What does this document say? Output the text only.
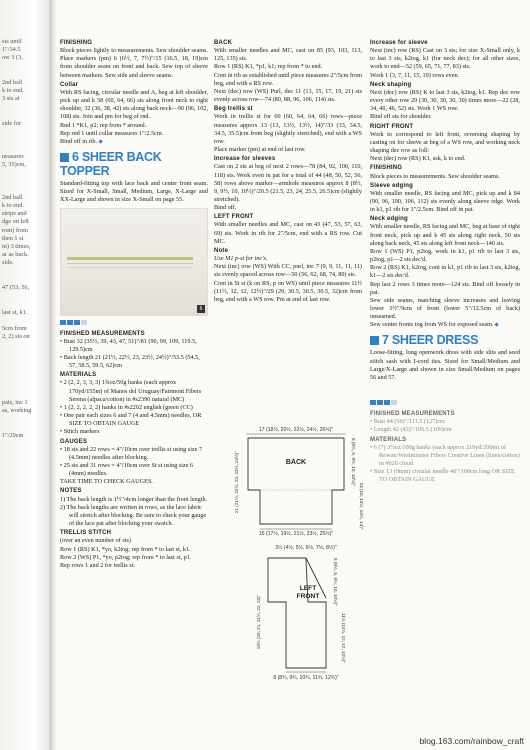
sts until
1"/34.5
ow 3 (3,
2nd ball
k to end.
3 sts at
side for
neasures
5, 35)cm,
2nd ball
k to end.
stripe and
dge on left
ront) from
then 1 st
in) 3 times,
ar as back.
side.
47 (53, 56,
last st, k1.
5cm from
2, 2) sts on
pats, inc 1
as, working
1"/29cm
FINISHING
Block pieces lightly to measurements. Sew shoulder seams. Place markers (pm) 6 (6½, 7, 7½)"/15 (16.5, 18, 19)cm from shoulder seam on front and back. Sew top of sleeve between markers. Sew side and sleeve seams.
Collar
With RS facing, circular needle and A, beg at left shoulder, pick up and k 58 (60, 64, 66) sts along front neck to right shoulder, 32 (36, 38, 42) sts along back neck—90 (96, 102, 108) sts. Join and pm for beg of rnd.
Rnd 1 *K1, p2; rep from * around.
Rep rnd 1 until collar measures 1"/2.5cm.
Bind off in rib.
6 SHEER BACK TOPPER
Standard-fitting top with lace back and center front seam. Sized for X-Small, Small, Medium, Large, X-Large and XX-Large and shown in size X-Small on page 55.
6
FINISHED MEASUREMENTS
• Bust 32 (35½, 39, 43, 47, 51)"/81 (90, 99, 109, 119.5, 129.5)cm
• Back length 21 (21½, 22½, 23, 23½, 24½)"/53.5 (54.5, 57, 58.5, 59.5, 62)cm
MATERIALS
• 2 (2, 2, 3, 3, 3) 1¾oz/50g hanks (each approx 170yd/155m) of Manos del Uruguay/Fairmont Fibers Serena (alpaca/cotton) in #s2390 natural (MC)
• 1 (2, 2, 2, 2, 2) hanks in #s2202 english (green (CC)
• One pair each sizes 6 and 7 (4 and 4.5mm) needles, OR SIZE TO OBTAIN GAUGE
• Stitch markers
GAUGES
• 18 sts and 22 rows = 4"/10cm over trellis st using size 7 (4.5mm) needles after blocking.
• 25 sts and 31 rows = 4"/10cm over St st using size 6 (4mm) needles.
TAKE TIME TO CHECK GAUGES.
NOTES
1) The back length is 1½"/4cm longer than the front length.
2) The back lengths are written in rows, as the lace fabric will stretch after blocking. Be sure to check your gauge of the lace pat after blocking your swatch.
TRELLIS STITCH
(over an even number of sts)
Row 1 (RS) K1, *yo, k2tog; rep from * to last st, k1.
Row 2 (WS) P1, *yo, p2tog; rep from * to last st, p1.
Rep rows 1 and 2 for trellis st.
BACK
With smaller needles and MC, cast on 85 (93, 103, 113, 125, 135) sts.
Row 1 (RS) K1, *p1, k1; rep from * to end.
Cont in rib as established until piece measures 2"/5cm from beg, end with a RS row.
Next (dec) row (WS) Purl, dec 11 (13, 15, 17, 19, 21) sts evenly across row—74 (80, 88, 96, 106, 114) sts.
Beg trellis st
Work in trellis st for 60 (60, 64, 64, 66) rows—piece measures approx 13 (13, 13½, 13½, 14)"/33 (33, 34.5, 34.5, 35.5)cm from beg (slightly stretched), end with a WS row.
Place marker (pm) at end of last row.
Increase for sleeves
Cast on 2 sts at beg of next 2 rows—78 (84, 92, 100, 110, 118) sts. Work even in pat for a total of 44 (48, 50, 52, 56, 58) rows above marker—armhole measures approx 8 (8½, 9, 9½, 10, 10½)"/20.5 (21.5, 23, 24, 25.5, 26.5)cm (slightly stretched).
Bind off.
LEFT FRONT
With smaller needles and MC, cast on 43 (47, 53, 57, 63, 69) sts. Work in rib for 2"/5cm, end with a RS row. Cut MC.
Note
Use M1 p-st for inc's.
Next (inc) row (WS) With CC, purl, inc 7 (9, 9, 11, 11, 11) sts evenly spaced across row—50 (56, 62, 68, 74, 80) sts.
Cont in St st (k on RS, p on WS) until piece measures 11½ (11½, 12, 12, 12½)"/29 (29, 30.5, 30.5, 30.5, 32)cm from beg, end with a WS row. Pm at end of last row.
17 (18½, 20½, 22½, 24½, 26½)"
BACK
21 (21½, 22½, 23, 23½, 24½)"	8 (8½, 9, 9½, 10, 10½)"
13 (13, 13½, 13½, 14)"
16 (17½, 19½, 21½, 23½, 25½)"
3½ (4½, 5½, 6½, 7½, 8½)"
LEFT
FRONT
19½ (20, 21, 21½, 22, 23)"
8 (8½, 9, 9½, 10, 10½)"
11½ (11½, 12, 12, 12½)"
8 (8¾, 9¾, 10¾, 11¾, 12¾)"
Increase for sleeve
Next (inc) row (RS) Cast on 3 sts; for size X-Small only, k to last 3 sts, k2tog, k1 (for neck dec); for all other sizes, work to end—52 (59, 65, 71, 77, 83) sts.
Work 1 (3, 7, 11, 15, 19) rows even.
Neck shaping
Next (dec) row (RS) K to last 3 sts, k2tog, k1. Rep dec row every other row 29 (30, 30, 30, 30, 30) times more—22 (28, 34, 40, 46, 52) sts. Work 1 WS row.
Bind off sts for shoulder.
RIGHT FRONT
Work to correspond to left front, reversing shaping by casting on for sleeve at beg of a WS row, and working neck shaping dec row as foll:
Next (dec) row (RS) K1, ssk, k to end.
FINISHING
Block pieces to measurements. Sew shoulder seams.
Sleeve edging
With smaller needle, RS facing and MC, pick up and k 84 (90, 96, 100, 106, 112) sts evenly along sleeve edge. Work in k1, p1 rib for 1"/2.5cm. Bind off in pat.
Neck edging
With smaller needle, RS facing and MC, beg at base of right front neck, pick up and k 45 sts along right neck, 50 sts along back neck, 45 sts along left front neck—140 sts.
Row 1 (WS) P1, p2tog, work in k1, p1 rib to last 3 sts, p2tog, p1—2 sts dec'd.
Row 2 (RS) K1, k2tog, cont in k1, p1 rib to last 3 sts, k2tog, k1—2 sts dec'd.
Rep last 2 rows 3 times more—124 sts. Bind off loosely in pat.
Sew side seams, matching sleeve increases and leaving lower 3½"/9cm of front (lower 5"/12.5cm of back) unseamed.
Sew center fronts tog from WS for exposed seam.
7 SHEER DRESS
Loose-fitting, long openwork dress with side slits and seed stitch sash with I-cord ties. Sized for Small/Medium and Large/X-Large and shown in size Small/Medium on pages 56 and 57.
FINISHED MEASUREMENTS
• Bust 44 (50)"/111.5 (127)cm
• Length 42 (43)"/106.5 (109)cm
MATERIALS
• 6 (7) 3½oz/100g hanks (each approx 219yd/200m) of Rowan/Westminster Fibers Creative Linen (linen/cotton) in #620 cloud
• Size 13 (9mm) circular needle 40"/100cm long OR SIZE TO OBTAIN GAUGE
blog.163.com/rainbow_craft
